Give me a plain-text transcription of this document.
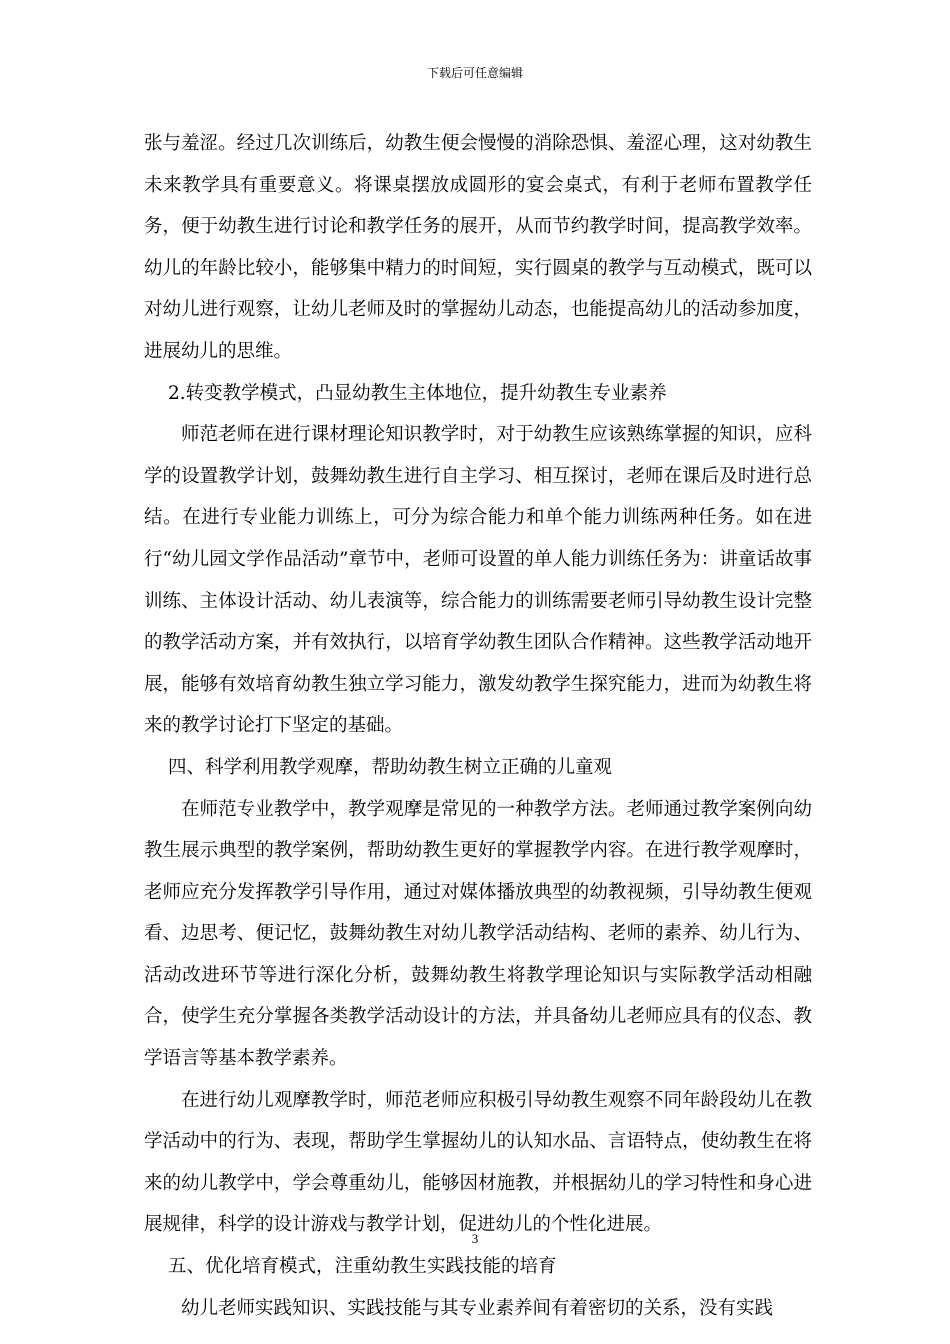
下载后可任意编辑

张与羞涩。经过几次训练后，幼教生便会慢慢的消除恐惧、羞涩心理，这对幼教生未来教学具有重要意义。将课桌摆放成圆形的宴会桌式，有利于老师布置教学任务，便于幼教生进行讨论和教学任务的展开，从而节约教学时间，提高教学效率。幼儿的年龄比较小，能够集中精力的时间短，实行圆桌的教学与互动模式，既可以对幼儿进行观察，让幼儿老师及时的掌握幼儿动态，也能提高幼儿的活动参加度，进展幼儿的思维。

2.转变教学模式，凸显幼教生主体地位，提升幼教生专业素养

师范老师在进行课材理论知识教学时，对于幼教生应该熟练掌握的知识，应科学的设置教学计划，鼓舞幼教生进行自主学习、相互探讨，老师在课后及时进行总结。在进行专业能力训练上，可分为综合能力和单个能力训练两种任务。如在进行“幼儿园文学作品活动”章节中，老师可设置的单人能力训练任务为：讲童话故事训练、主体设计活动、幼儿表演等，综合能力的训练需要老师引导幼教生设计完整的教学活动方案，并有效执行，以培育学幼教生团队合作精神。这些教学活动地开展，能够有效培育幼教生独立学习能力，激发幼教学生探究能力，进而为幼教生将来的教学讨论打下坚定的基础。

四、科学利用教学观摩，帮助幼教生树立正确的儿童观

在师范专业教学中，教学观摩是常见的一种教学方法。老师通过教学案例向幼教生展示典型的教学案例，帮助幼教生更好的掌握教学内容。在进行教学观摩时，老师应充分发挥教学引导作用，通过对媒体播放典型的幼教视频，引导幼教生便观看、边思考、便记忆，鼓舞幼教生对幼儿教学活动结构、老师的素养、幼儿行为、活动改进环节等进行深化分析，鼓舞幼教生将教学理论知识与实际教学活动相融合，使学生充分掌握各类教学活动设计的方法，并具备幼儿老师应具有的仪态、教学语言等基本教学素养。

在进行幼儿观摩教学时，师范老师应积极引导幼教生观察不同年龄段幼儿在教学活动中的行为、表现，帮助学生掌握幼儿的认知水品、言语特点，使幼教生在将来的幼儿教学中，学会尊重幼儿，能够因材施教，并根据幼儿的学习特性和身心进展规律，科学的设计游戏与教学计划，促进幼儿的个性化进展。

五、优化培育模式，注重幼教生实践技能的培育

幼儿老师实践知识、实践技能与其专业素养间有着密切的关系，没有实践

3
